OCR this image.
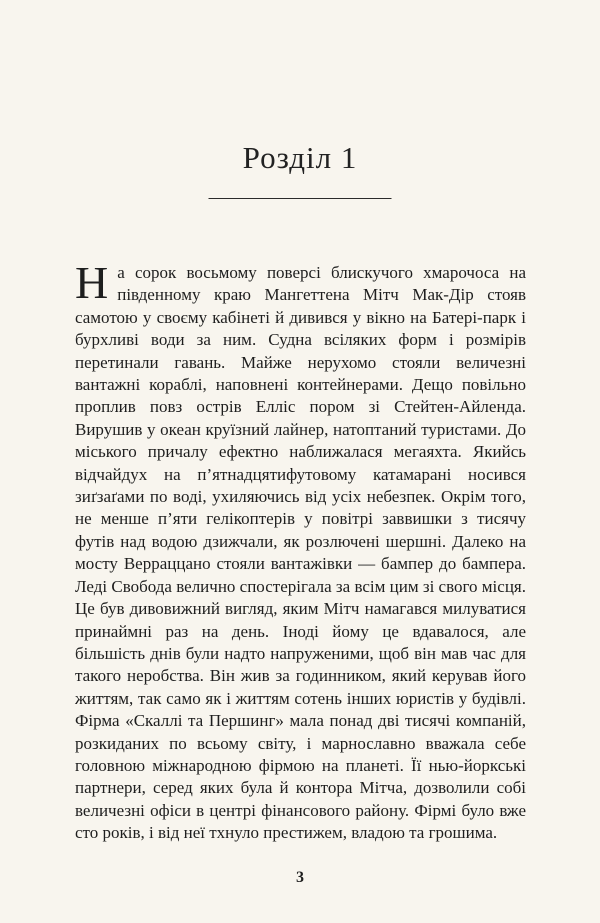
Розділ 1

На сорок восьмому поверсі блискучого хмарочоса на південному краю Мангеттена Мітч Мак-Дір стояв самотою у своєму кабінеті й дивився у вікно на Батері-парк і бурхливі води за ним. Судна всіляких форм і розмірів перетинали гавань. Майже нерухомо стояли величезні вантажні кораблі, наповнені контейнерами. Дещо повільно проплив повз острів Елліс пором зі Стейтен-Айленда. Вирушив у океан круїзний лайнер, натоптаний туристами. До міського причалу ефектно наближалася мегаяхта. Якийсь відчайдух на п’ятнадцятифутовому катамарані носився зиґзаґами по воді, ухиляючись від усіх небезпек. Окрім того, не менше п’яти гелікоптерів у повітрі заввишки з тисячу футів над водою дзижчали, як розлючені шершні. Далеко на мосту Верраццано стояли вантажівки — бампер до бампера. Леді Свобода велично спостерігала за всім цим зі свого місця. Це був дивовижний вигляд, яким Мітч намагався милуватися принаймні раз на день. Іноді йому це вдавалося, але більшість днів були надто напруженими, щоб він мав час для такого неробства. Він жив за годинником, який керував його життям, так само як і життям сотень інших юристів у будівлі. Фірма «Скаллі та Першинг» мала понад дві тисячі компаній, розкиданих по всьому світу, і марнославно вважала себе головною міжнародною фірмою на планеті. Її нью-йоркські партнери, серед яких була й контора Мітча, дозволили собі величезні офіси в центрі фінансового району. Фірмі було вже сто років, і від неї тхнуло престижем, владою та грошима.

3
